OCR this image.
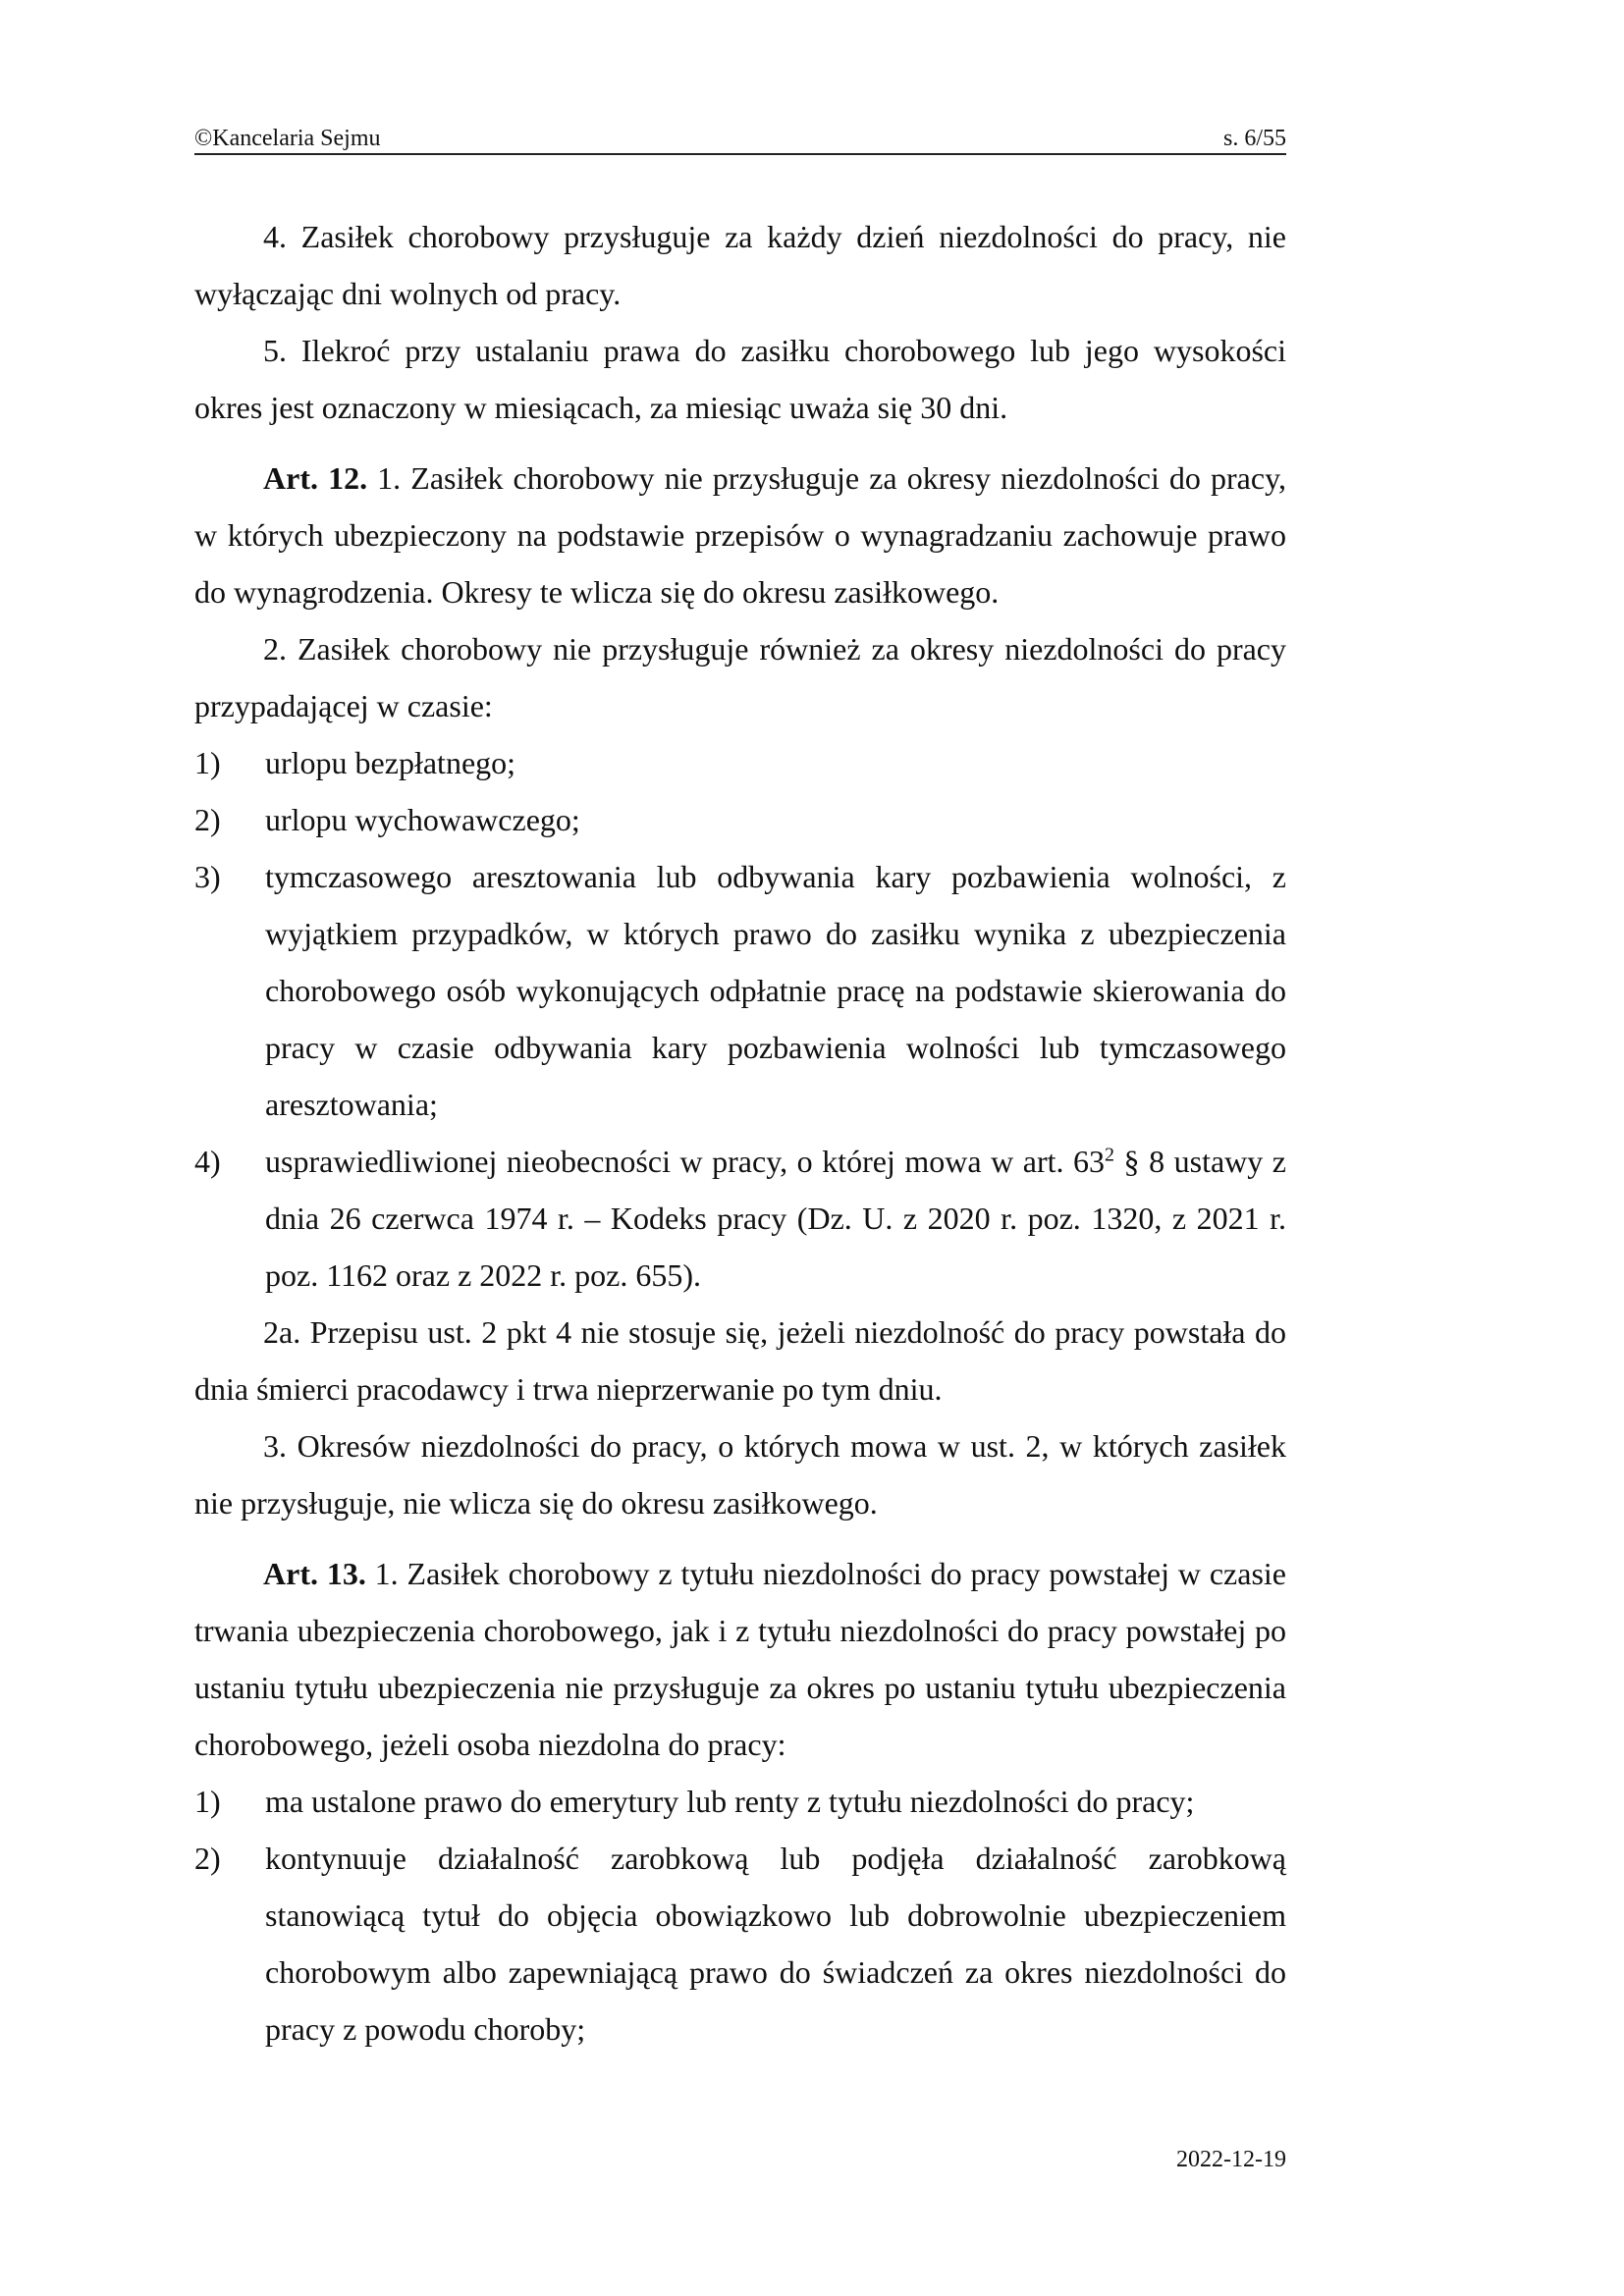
©Kancelaria Sejmu	s. 6/55

4. Zasiłek chorobowy przysługuje za każdy dzień niezdolności do pracy, nie wyłączając dni wolnych od pracy.

5. Ilekroć przy ustalaniu prawa do zasiłku chorobowego lub jego wysokości okres jest oznaczony w miesiącach, za miesiąc uważa się 30 dni.

Art. 12. 1. Zasiłek chorobowy nie przysługuje za okresy niezdolności do pracy, w których ubezpieczony na podstawie przepisów o wynagradzaniu zachowuje prawo do wynagrodzenia. Okresy te wlicza się do okresu zasiłkowego.

2. Zasiłek chorobowy nie przysługuje również za okresy niezdolności do pracy przypadającej w czasie:

1)	urlopu bezpłatnego;
2)	urlopu wychowawczego;
3)	tymczasowego aresztowania lub odbywania kary pozbawienia wolności, z wyjątkiem przypadków, w których prawo do zasiłku wynika z ubezpieczenia chorobowego osób wykonujących odpłatnie pracę na podstawie skierowania do pracy w czasie odbywania kary pozbawienia wolności lub tymczasowego aresztowania;
4)	usprawiedliwionej nieobecności w pracy, o której mowa w art. $63^2$ § 8 ustawy z dnia 26 czerwca 1974 r. – Kodeks pracy (Dz. U. z 2020 r. poz. 1320, z 2021 r. poz. 1162 oraz z 2022 r. poz. 655).

2a. Przepisu ust. 2 pkt 4 nie stosuje się, jeżeli niezdolność do pracy powstała do dnia śmierci pracodawcy i trwa nieprzerwanie po tym dniu.

3. Okresów niezdolności do pracy, o których mowa w ust. 2, w których zasiłek nie przysługuje, nie wlicza się do okresu zasiłkowego.

Art. 13. 1. Zasiłek chorobowy z tytułu niezdolności do pracy powstałej w czasie trwania ubezpieczenia chorobowego, jak i z tytułu niezdolności do pracy powstałej po ustaniu tytułu ubezpieczenia nie przysługuje za okres po ustaniu tytułu ubezpieczenia chorobowego, jeżeli osoba niezdolna do pracy:

1)	ma ustalone prawo do emerytury lub renty z tytułu niezdolności do pracy;
2)	kontynuuje działalność zarobkową lub podjęła działalność zarobkową stanowiącą tytuł do objęcia obowiązkowo lub dobrowolnie ubezpieczeniem chorobowym albo zapewniającą prawo do świadczeń za okres niezdolności do pracy z powodu choroby;
2022-12-19
